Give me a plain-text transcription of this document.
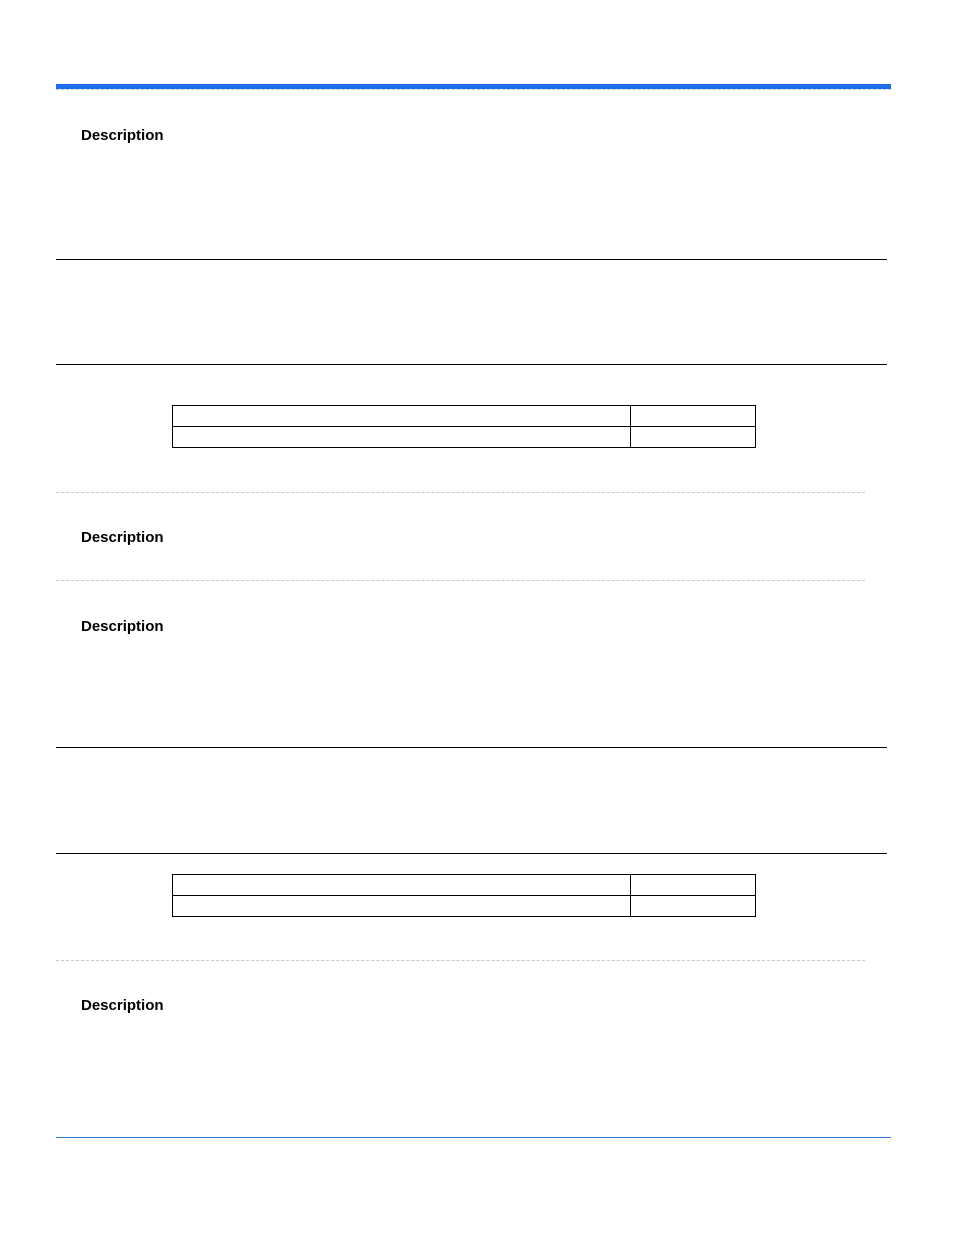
Description

Description
Description

Description
